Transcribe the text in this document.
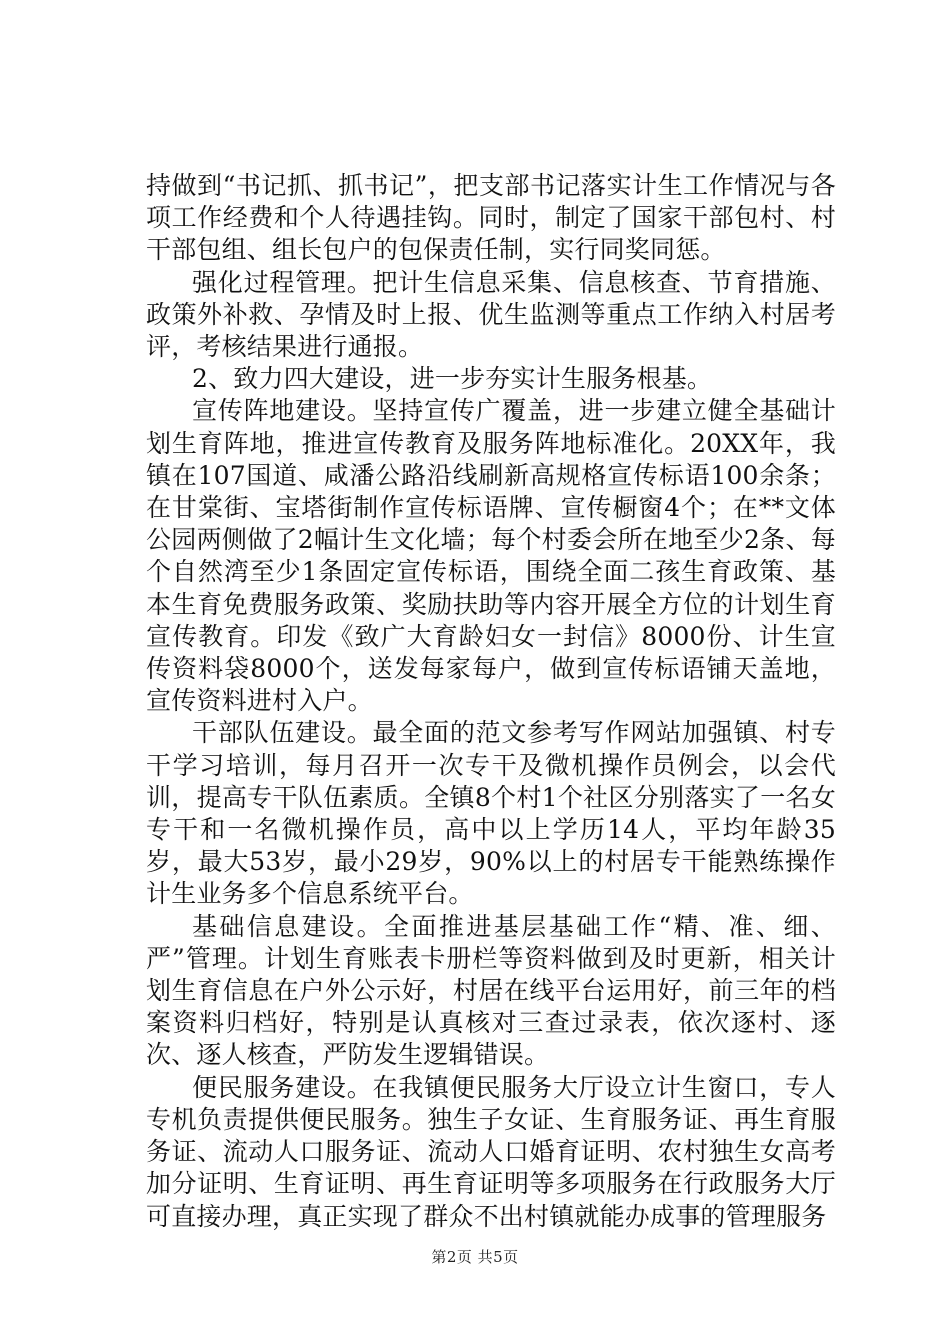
持做到“书记抓、抓书记”，把支部书记落实计生工作情况与各项工作经费和个人待遇挂钩。同时，制定了国家干部包村、村干部包组、组长包户的包保责任制，实行同奖同惩。

强化过程管理。把计生信息采集、信息核查、节育措施、政策外补救、孕情及时上报、优生监测等重点工作纳入村居考评，考核结果进行通报。

2、致力四大建设，进一步夯实计生服务根基。

宣传阵地建设。坚持宣传广覆盖，进一步建立健全基础计划生育阵地，推进宣传教育及服务阵地标准化。20XX年，我镇在107国道、咸潘公路沿线刷新高规格宣传标语100余条；在甘棠街、宝塔街制作宣传标语牌、宣传橱窗4个；在**文体公园两侧做了2幅计生文化墙；每个村委会所在地至少2条、每个自然湾至少1条固定宣传标语，围绕全面二孩生育政策、基本生育免费服务政策、奖励扶助等内容开展全方位的计划生育宣传教育。印发《致广大育龄妇女一封信》8000份、计生宣传资料袋8000个，送发每家每户，做到宣传标语铺天盖地，宣传资料进村入户。

干部队伍建设。最全面的范文参考写作网站加强镇、村专干学习培训，每月召开一次专干及微机操作员例会，以会代训，提高专干队伍素质。全镇8个村1个社区分别落实了一名女专干和一名微机操作员，高中以上学历14人，平均年龄35岁，最大53岁，最小29岁，90%以上的村居专干能熟练操作计生业务多个信息系统平台。

基础信息建设。全面推进基层基础工作“精、准、细、严”管理。计划生育账表卡册栏等资料做到及时更新，相关计划生育信息在户外公示好，村居在线平台运用好，前三年的档案资料归档好，特别是认真核对三查过录表，依次逐村、逐次、逐人核查，严防发生逻辑错误。

便民服务建设。在我镇便民服务大厅设立计生窗口，专人专机负责提供便民服务。独生子女证、生育服务证、再生育服务证、流动人口服务证、流动人口婚育证明、农村独生女高考加分证明、生育证明、再生育证明等多项服务在行政服务大厅可直接办理，真正实现了群众不出村镇就能办成事的管理服务

第2页 共5页
